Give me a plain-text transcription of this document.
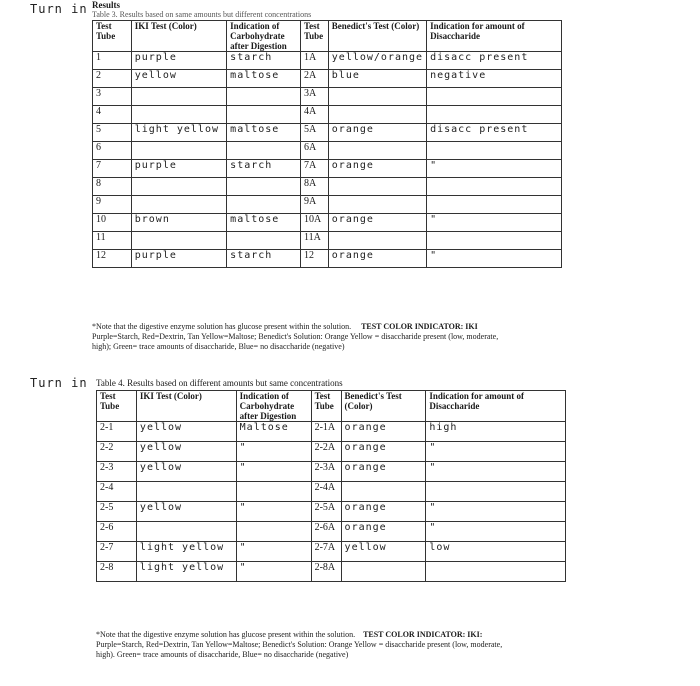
Turn in Results
Table 3. Results based on same amounts but different concentrations
Test Tube	IKI Test (Color)	Indication of Carbohydrate after Digestion	Test Tube	Benedict's Test (Color)	Indication for amount of Disaccharide
1	purple	starch	1A	yellow/orange	disacc present
2	yellow	maltose	2A	blue	negative
3			3A		
4			4A		
5	light yellow	maltose	5A	orange	disacc present
6			6A		
7	purple	starch	7A	orange	"
8			8A		
9			9A		
10	brown	maltose	10A	orange	"
11			11A		
12	purple	starch	12	orange	"
*Note that the digestive enzyme solution has glucose present within the solution. TEST COLOR INDICATOR: IKI
Purple=Starch, Red=Dextrin, Tan Yellow=Maltose; Benedict's Solution: Orange Yellow = disaccharide present (low, moderate,
high); Green= trace amounts of disaccharide, Blue= no disaccharide (negative)
Turn in Table 4. Results based on different amounts but same concentrations
Test Tube	IKI Test (Color)	Indication of Carbohydrate after Digestion	Test Tube	Benedict's Test (Color)	Indication for amount of Disaccharide
2-1	yellow	Maltose	2-1A	orange	high
2-2	yellow	"	2-2A	orange	"
2-3	yellow	"	2-3A	orange	"
2-4			2-4A		
2-5	yellow	"	2-5A	orange	"
2-6			2-6A	orange	"
2-7	light yellow	"	2-7A	yellow	low
2-8	light yellow	"	2-8A		
*Note that the digestive enzyme solution has glucose present within the solution. TEST COLOR INDICATOR: IKI:
Purple=Starch, Red=Dextrin, Tan Yellow=Maltose; Benedict's Solution: Orange Yellow = disaccharide present (low, moderate,
high). Green= trace amounts of disaccharide, Blue= no disaccharide (negative)
